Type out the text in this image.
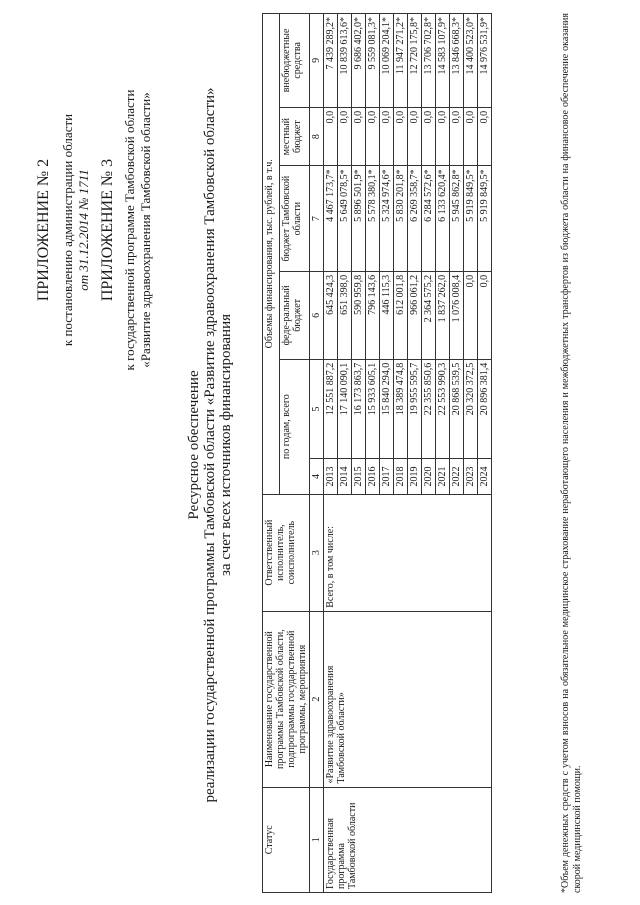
ПРИЛОЖЕНИЕ № 2 к постановлению администрации области от 31.12.2014 № 1711 ПРИЛОЖЕНИЕ № 3 к государственной программе Тамбовской области «Развитие здравоохранения Тамбовской области»
Ресурсное обеспечение реализации государственной программы Тамбовской области «Развитие здравоохранения Тамбовской области» за счет всех источников финансирования
Статус	Наименование государственной программы Тамбовской области, подпрограммы государственной программы, мероприятия	Ответственный исполнитель, соисполнитель	Объемы финансирования, тыс. рублей, в т.ч.					
			по годам, всего		феде-ральный бюджет	бюджет Тамбовской области	местный бюджет	внебюджетные средства
1	2	3	4	5	6	7	8	9
Государственная программа Тамбовской области	«Развитие здравоохранения Тамбовской области»	Всего, в том числе:	2013	12 551 887,2	645 424,3	4 467 173,7*	0,0	7 439 289,2*
			2014	17 140 090,1	651 398,0	5 649 078,5*	0,0	10 839 613,6*
			2015	16 173 863,7	590 959,8	5 896 501,9*	0,0	9 686 402,0*
			2016	15 933 605,1	796 143,6	5 578 380,1*	0,0	9 559 081,3*
			2017	15 840 294,0	446 115,3	5 324 974,6*	0,0	10 069 204,1*
			2018	18 389 474,8	612 001,8	5 830 201,8*	0,0	11 947 271,2*
			2019	19 955 595,7	966 061,2	6 269 358,7*	0,0	12 720 175,8*
			2020	22 355 850,6	2 364 575,2	6 284 572,6*	0,0	13 706 702,8*
			2021	22 553 990,3	1 837 262,0	6 133 620,4*	0,0	14 583 107,9*
			2022	20 868 539,5	1 076 008,4	5 945 862,8*	0,0	13 846 668,3*
			2023	20 320 372,5	0,0	5 919 849,5*	0,0	14 400 523,0*
			2024	20 896 381,4	0,0	5 919 849,5*	0,0	14 976 531,9*	*Объем денежных средств с учетом взносов на обязательное медицинское страхование неработающего населения и межбюджетных трансфертов из бюджета области на финансовое обеспечение оказания скорой медицинской помощи.
